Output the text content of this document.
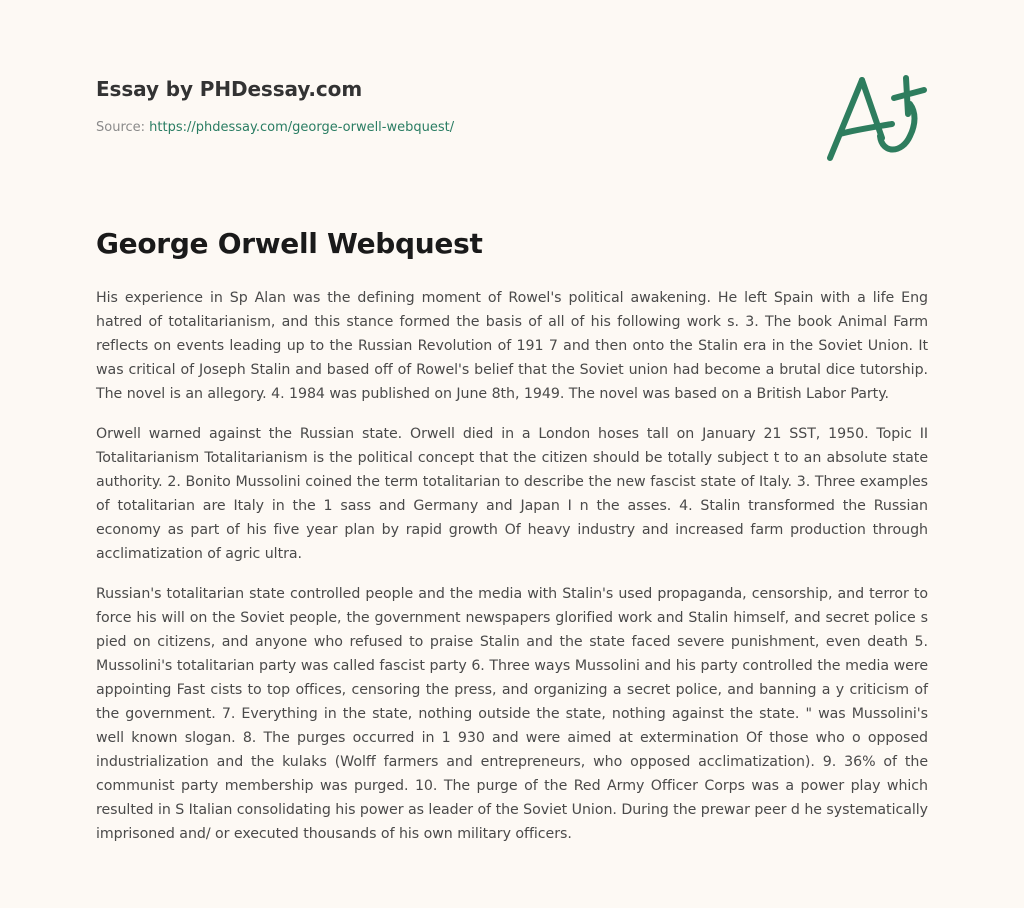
Essay by PHDessay.com
Source: https://phdessay.com/george-orwell-webquest/
George Orwell Webquest

His experience in Sp Alan was the defining moment of Rowel's political awakening. He left Spain with a life Eng hatred of totalitarianism, and this stance formed the basis of all of his following work s. 3. The book Animal Farm reflects on events leading up to the Russian Revolution of 191 7 and then onto the Stalin era in the Soviet Union. It was critical of Joseph Stalin and based off of Rowel's belief that the Soviet union had become a brutal dice tutorship. The novel is an allegory. 4. 1984 was published on June 8th, 1949. The novel was based on a British Labor Party.

Orwell warned against the Russian state. Orwell died in a London hoses tall on January 21 SST, 1950. Topic II Totalitarianism Totalitarianism is the political concept that the citizen should be totally subject t to an absolute state authority. 2. Bonito Mussolini coined the term totalitarian to describe the new fascist state of Italy. 3. Three examples of totalitarian are Italy in the 1 sass and Germany and Japan I n the asses. 4. Stalin transformed the Russian economy as part of his five year plan by rapid growth Of heavy industry and increased farm production through acclimatization of agric ultra.

Russian's totalitarian state controlled people and the media with Stalin's used propaganda, censorship, and terror to force his will on the Soviet people, the government newspapers glorified work and Stalin himself, and secret police s pied on citizens, and anyone who refused to praise Stalin and the state faced severe punishment, even death 5. Mussolini's totalitarian party was called fascist party 6. Three ways Mussolini and his party controlled the media were appointing Fast cists to top offices, censoring the press, and organizing a secret police, and banning a y criticism of the government. 7. Everything in the state, nothing outside the state, nothing against the state. " was Mussolini's well known slogan. 8. The purges occurred in 1 930 and were aimed at extermination Of those who o opposed industrialization and the kulaks (Wolff farmers and entrepreneurs, who opposed acclimatization). 9. 36% of the communist party membership was purged. 10. The purge of the Red Army Officer Corps was a power play which resulted in S Italian consolidating his power as leader of the Soviet Union. During the prewar peer d he systematically imprisoned and/ or executed thousands of his own military officers.
